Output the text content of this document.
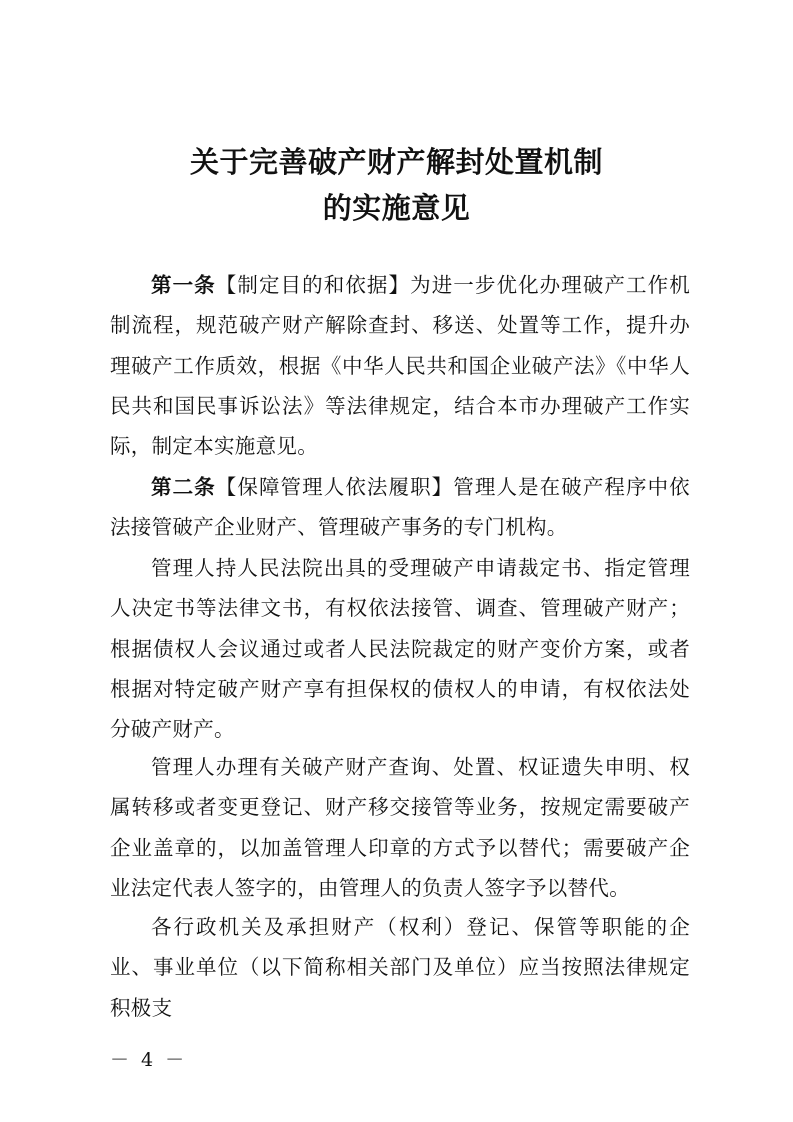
关于完善破产财产解封处置机制
的实施意见

第一条【制定目的和依据】为进一步优化办理破产工作机制流程，规范破产财产解除查封、移送、处置等工作，提升办理破产工作质效，根据《中华人民共和国企业破产法》《中华人民共和国民事诉讼法》等法律规定，结合本市办理破产工作实际，制定本实施意见。

第二条【保障管理人依法履职】管理人是在破产程序中依法接管破产企业财产、管理破产事务的专门机构。

管理人持人民法院出具的受理破产申请裁定书、指定管理人决定书等法律文书，有权依法接管、调查、管理破产财产；根据债权人会议通过或者人民法院裁定的财产变价方案，或者根据对特定破产财产享有担保权的债权人的申请，有权依法处分破产财产。

管理人办理有关破产财产查询、处置、权证遗失申明、权属转移或者变更登记、财产移交接管等业务，按规定需要破产企业盖章的，以加盖管理人印章的方式予以替代；需要破产企业法定代表人签字的，由管理人的负责人签字予以替代。

各行政机关及承担财产（权利）登记、保管等职能的企业、事业单位（以下简称相关部门及单位）应当按照法律规定积极支

－ 4 －
